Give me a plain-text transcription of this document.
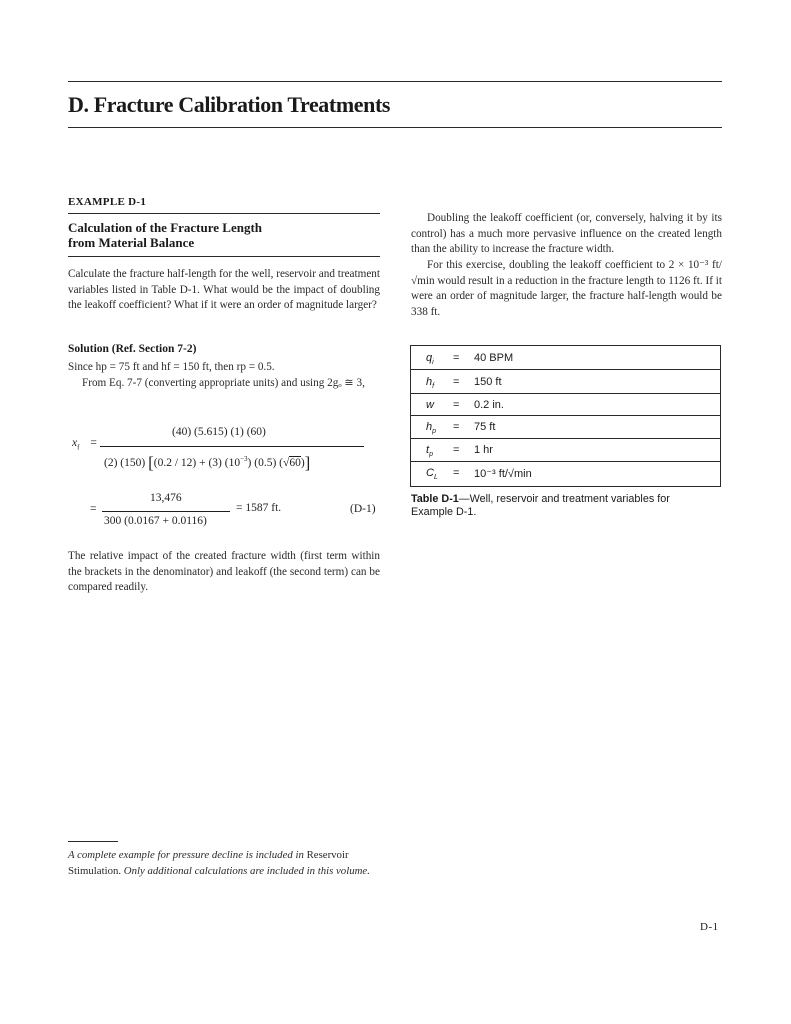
D. Fracture Calibration Treatments
EXAMPLE D-1
Calculation of the Fracture Length
from Material Balance
Calculate the fracture half-length for the well, reservoir and treatment variables listed in Table D-1. What would be the impact of doubling the leakoff coefficient? What if it were an order of magnitude larger?
Solution (Ref. Section 7-2)
Since hp = 75 ft and hf = 150 ft, then rp = 0.5.
From Eq. 7-7 (converting appropriate units) and using 2gₒ ≅ 3,
$x_f$ =
(40) (5.615) (1) (60)
(2) (150) [(0.2 / 12) + (3) $(10^{-3})$ (0.5) (√60)]
=
13,476
300 (0.0167 + 0.0116)
= 1587 ft.	(D-1)
The relative impact of the created fracture width (first term within the brackets in the denominator) and leakoff (the second term) can be compared readily.
Doubling the leakoff coefficient (or, conversely, halving it by its control) has a much more pervasive influence on the created length than the ability to increase the fracture width.
For this exercise, doubling the leakoff coefficient to 2 × 10⁻³ ft/√min would result in a reduction in the fracture length to 1126 ft. If it were an order of magnitude larger, the fracture half-length would be 338 ft.
$q_i = 40$ BPM
$h_f = 150$ ft
w = 0.2 in.
$h_p = 75$ ft
$t_p = 1$ hr
$C_L = 10^{-3}$ ft/√min
Table D-1—Well, reservoir and treatment variables for Example D-1.
A complete example for pressure decline is included in Reservoir Stimulation. Only additional calculations are included in this volume.
D-1
